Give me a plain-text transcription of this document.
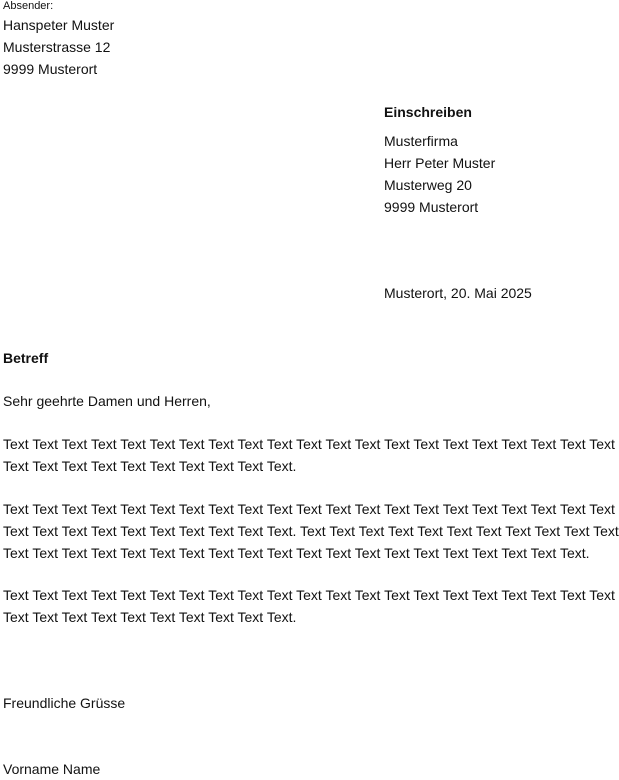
Absender:
Hanspeter Muster
Musterstrasse 12
9999 Musterort
Einschreiben
Musterfirma
Herr Peter Muster
Musterweg 20
9999 Musterort
Musterort, 20. Mai 2025
Betreff
Sehr geehrte Damen und Herren,
Text Text Text Text Text Text Text Text Text Text Text Text Text Text Text Text Text Text Text Text Text
Text Text Text Text Text Text Text Text Text Text.
Text Text Text Text Text Text Text Text Text Text Text Text Text Text Text Text Text Text Text Text Text
Text Text Text Text Text Text Text Text Text Text. Text Text Text Text Text Text Text Text Text Text Text
Text Text Text Text Text Text Text Text Text Text Text Text Text Text Text Text Text Text Text Text.
Text Text Text Text Text Text Text Text Text Text Text Text Text Text Text Text Text Text Text Text Text
Text Text Text Text Text Text Text Text Text Text.
Freundliche Grüsse
Vorname Name
